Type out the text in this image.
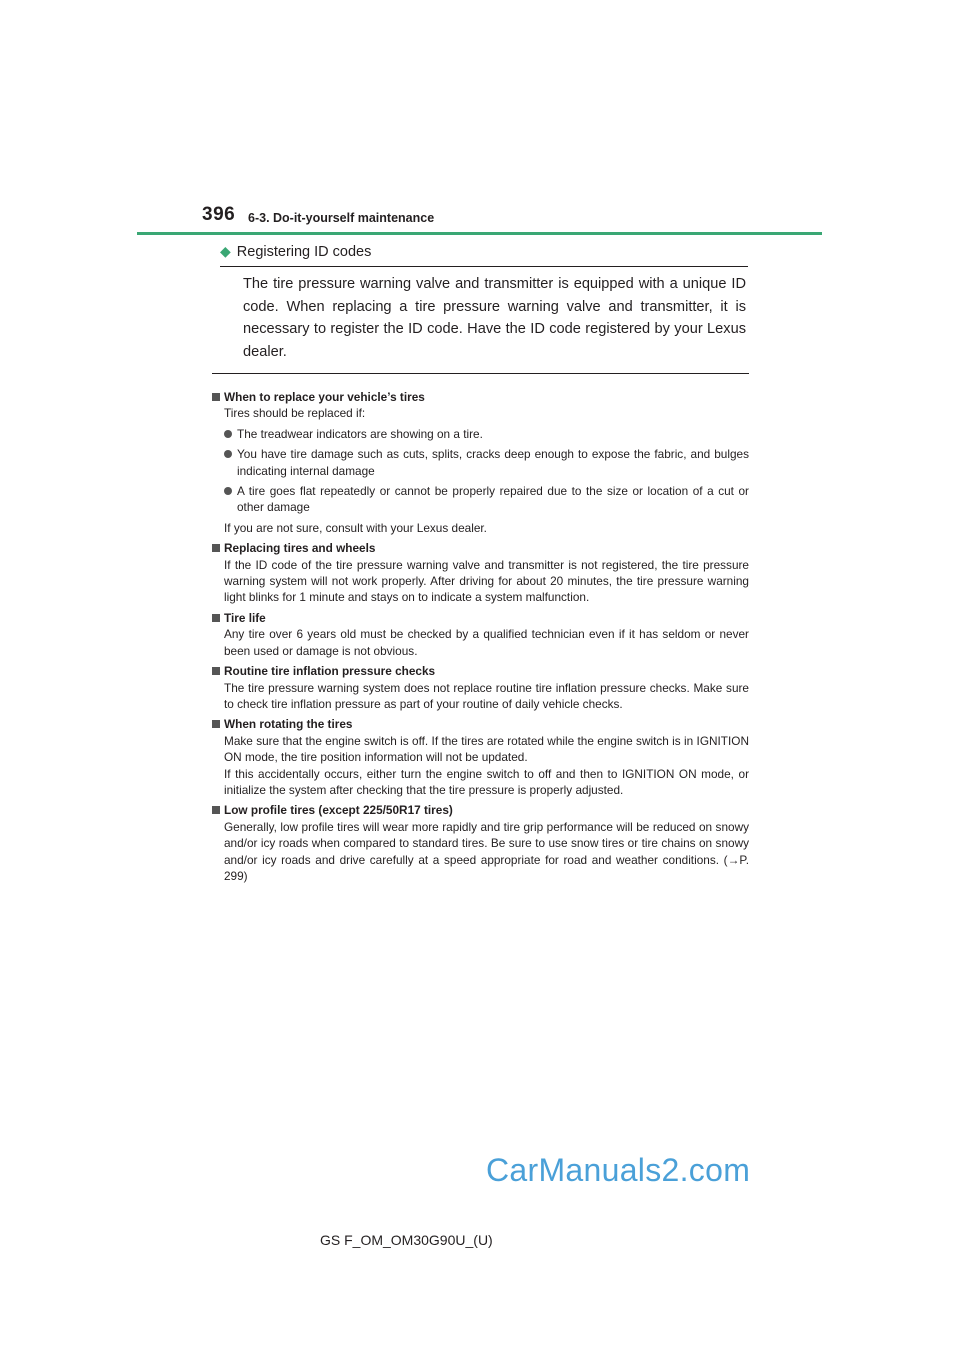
396 6-3. Do-it-yourself maintenance
◆ Registering ID codes
The tire pressure warning valve and transmitter is equipped with a unique ID code. When replacing a tire pressure warning valve and transmitter, it is necessary to register the ID code. Have the ID code registered by your Lexus dealer.
When to replace your vehicle’s tires
Tires should be replaced if:
The treadwear indicators are showing on a tire.
You have tire damage such as cuts, splits, cracks deep enough to expose the fabric, and bulges indicating internal damage
A tire goes flat repeatedly or cannot be properly repaired due to the size or location of a cut or other damage
If you are not sure, consult with your Lexus dealer.
Replacing tires and wheels
If the ID code of the tire pressure warning valve and transmitter is not registered, the tire pressure warning system will not work properly. After driving for about 20 minutes, the tire pressure warning light blinks for 1 minute and stays on to indicate a system malfunction.
Tire life
Any tire over 6 years old must be checked by a qualified technician even if it has seldom or never been used or damage is not obvious.
Routine tire inflation pressure checks
The tire pressure warning system does not replace routine tire inflation pressure checks. Make sure to check tire inflation pressure as part of your routine of daily vehicle checks.
When rotating the tires
Make sure that the engine switch is off. If the tires are rotated while the engine switch is in IGNITION ON mode, the tire position information will not be updated.
If this accidentally occurs, either turn the engine switch to off and then to IGNITION ON mode, or initialize the system after checking that the tire pressure is properly adjusted.
Low profile tires (except 225/50R17 tires)
Generally, low profile tires will wear more rapidly and tire grip performance will be reduced on snowy and/or icy roads when compared to standard tires. Be sure to use snow tires or tire chains on snowy and/or icy roads and drive carefully at a speed appropriate for road and weather conditions. (→P. 299)
CarManuals2.com
GS F_OM_OM30G90U_(U)
